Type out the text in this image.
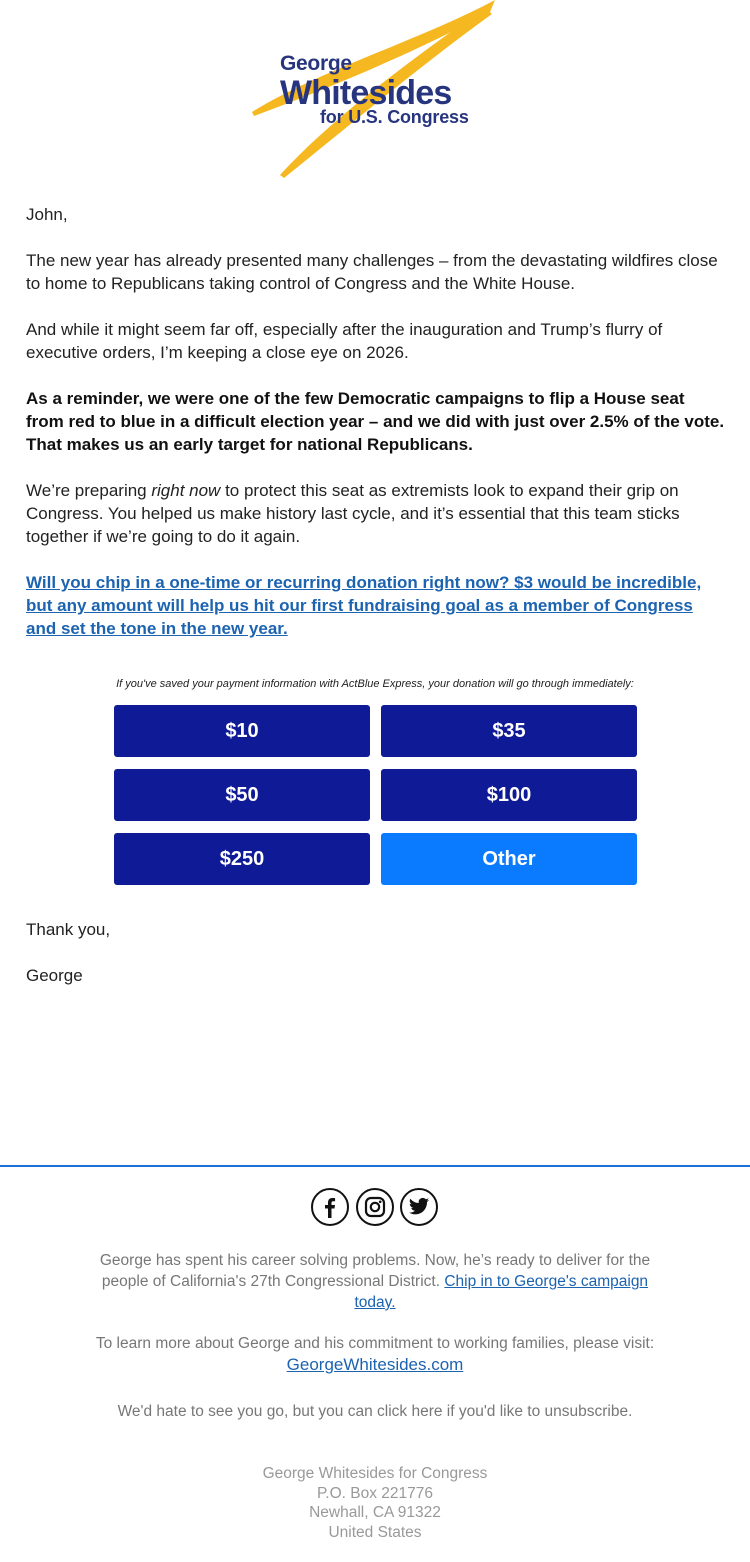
George
Whitesides
for U.S. Congress

John,

The new year has already presented many challenges – from the devastating wildfires close to home to Republicans taking control of Congress and the White House.

And while it might seem far off, especially after the inauguration and Trump’s flurry of executive orders, I’m keeping a close eye on 2026.

As a reminder, we were one of the few Democratic campaigns to flip a House seat from red to blue in a difficult election year – and we did with just over 2.5% of the vote. That makes us an early target for national Republicans.

We’re preparing right now to protect this seat as extremists look to expand their grip on Congress. You helped us make history last cycle, and it’s essential that this team sticks together if we’re going to do it again.

Will you chip in a one-time or recurring donation right now? $3 would be incredible, but any amount will help us hit our first fundraising goal as a member of Congress and set the tone in the new year.

If you've saved your payment information with ActBlue Express, your donation will go through immediately:
$10	$35
$50	$100
$250	Other
Thank you,
George
George has spent his career solving problems. Now, he’s ready to deliver for the people of California's 27th Congressional District. Chip in to George's campaign today.
To learn more about George and his commitment to working families, please visit:
GeorgeWhitesides.com
We'd hate to see you go, but you can click here if you'd like to unsubscribe.
George Whitesides for Congress
P.O. Box 221776
Newhall, CA 91322
United States
